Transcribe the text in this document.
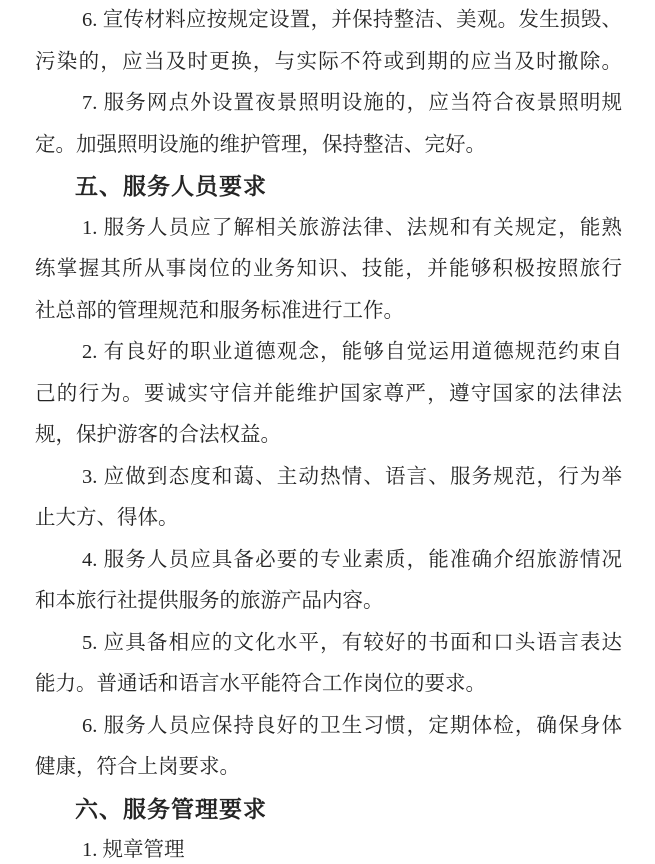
6. 宣传材料应按规定设置，并保持整洁、美观。发生损毁、
污染的，应当及时更换，与实际不符或到期的应当及时撤除。
7. 服务网点外设置夜景照明设施的，应当符合夜景照明规
定。加强照明设施的维护管理，保持整洁、完好。
五、服务人员要求
1. 服务人员应了解相关旅游法律、法规和有关规定，能熟
练掌握其所从事岗位的业务知识、技能，并能够积极按照旅行
社总部的管理规范和服务标准进行工作。
2. 有良好的职业道德观念，能够自觉运用道德规范约束自
己的行为。要诚实守信并能维护国家尊严，遵守国家的法律法
规，保护游客的合法权益。
3. 应做到态度和蔼、主动热情、语言、服务规范，行为举
止大方、得体。
4. 服务人员应具备必要的专业素质，能准确介绍旅游情况
和本旅行社提供服务的旅游产品内容。
5. 应具备相应的文化水平，有较好的书面和口头语言表达
能力。普通话和语言水平能符合工作岗位的要求。
6. 服务人员应保持良好的卫生习惯，定期体检，确保身体
健康，符合上岗要求。
六、服务管理要求
1. 规章管理
